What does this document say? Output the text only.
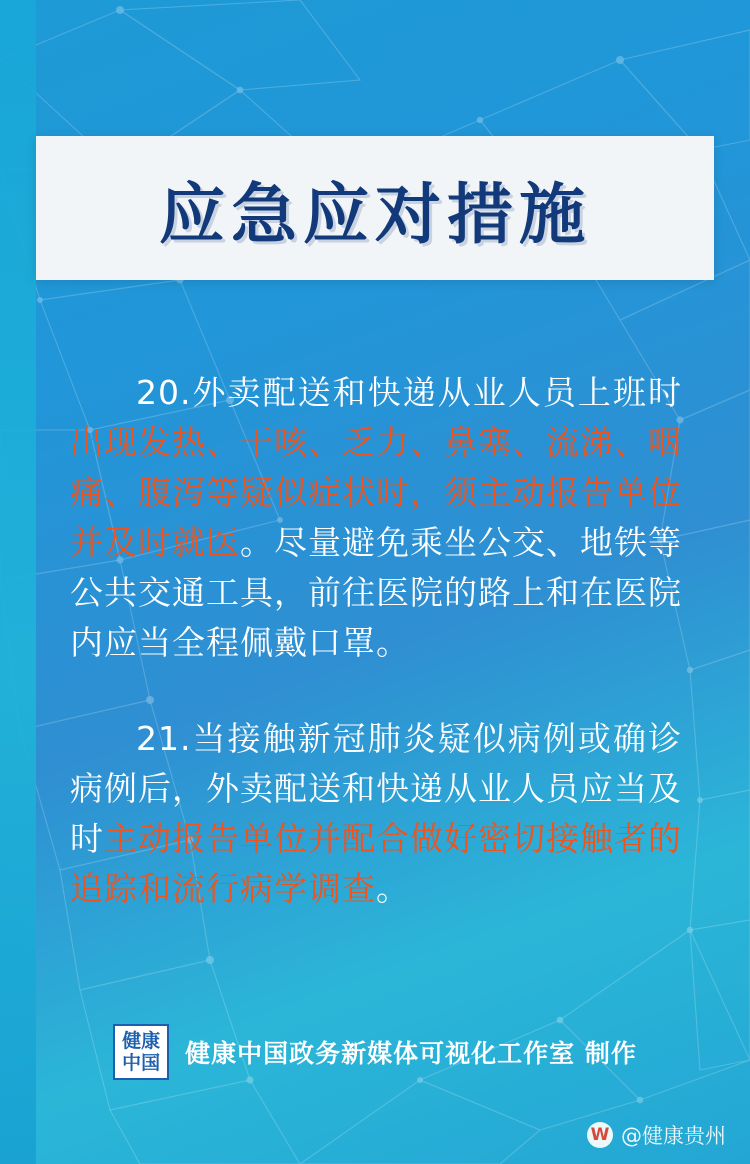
应急应对措施
20.外卖配送和快递从业人员上班时出现发热、干咳、乏力、鼻塞、流涕、咽痛、腹泻等疑似症状时，须主动报告单位并及时就医。尽量避免乘坐公交、地铁等公共交通工具，前往医院的路上和在医院内应当全程佩戴口罩。
21.当接触新冠肺炎疑似病例或确诊病例后，外卖配送和快递从业人员应当及时主动报告单位并配合做好密切接触者的追踪和流行病学调查。
健康
中国 健康中国政务新媒体可视化工作室 制作
W @健康贵州
